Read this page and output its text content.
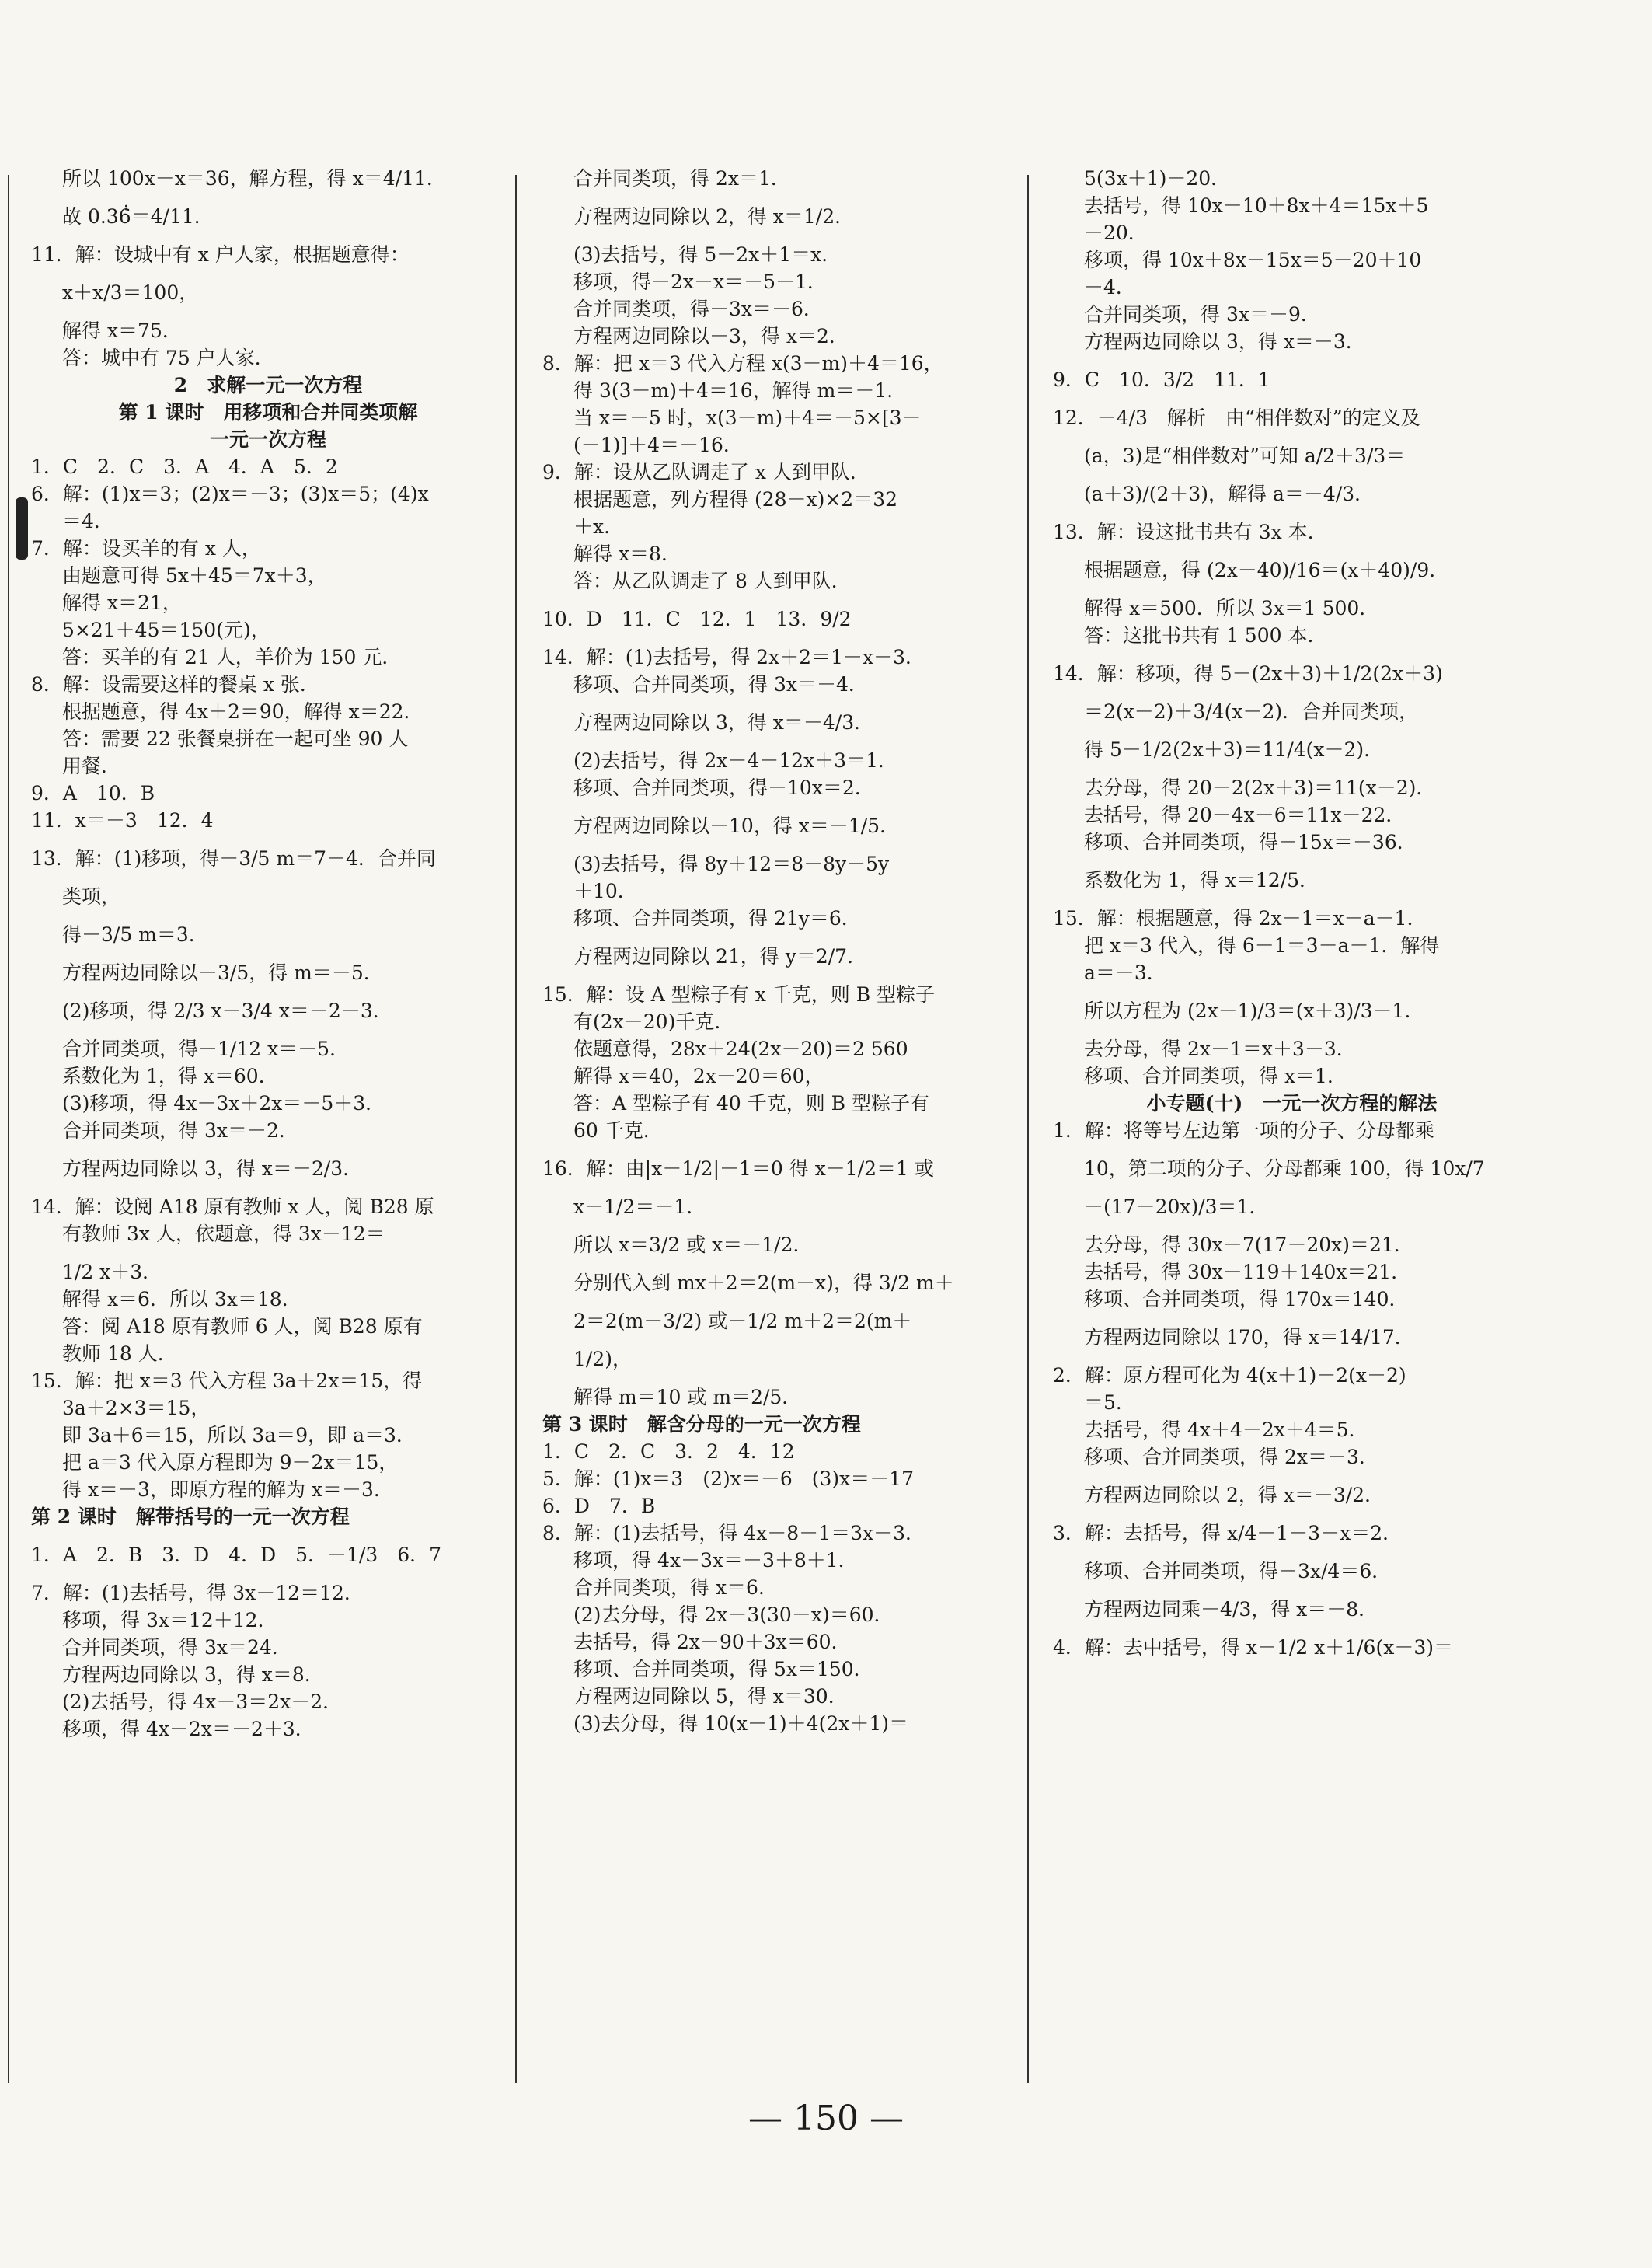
所以 100x－x＝36，解方程，得 x＝4/11．
故 0.36̇̇＝4/11．
11．解：设城中有 x 户人家，根据题意得：
x＋x/3＝100，
解得 x＝75．
答：城中有 75 户人家．
2　求解一元一次方程
第 1 课时　用移项和合并同类项解
一元一次方程
1．C　2．C　3．A　4．A　5．2
6．解：(1)x＝3；(2)x＝－3；(3)x＝5；(4)x
＝4．
7．解：设买羊的有 x 人，
由题意可得 5x＋45＝7x＋3，
解得 x＝21，
5×21＋45＝150(元)，
答：买羊的有 21 人，羊价为 150 元．
8．解：设需要这样的餐桌 x 张．
根据题意，得 4x＋2＝90，解得 x＝22．
答：需要 22 张餐桌拼在一起可坐 90 人
用餐．
9．A　10．B
11．x＝－3　12．4
13．解：(1)移项，得－3/5 m＝7－4．合并同
类项，
得－3/5 m＝3．
方程两边同除以－3/5，得 m＝－5．
(2)移项，得 2/3 x－3/4 x＝－2－3．
合并同类项，得－1/12 x＝－5．
系数化为 1，得 x＝60．
(3)移项，得 4x－3x＋2x＝－5＋3．
合并同类项，得 3x＝－2．
方程两边同除以 3，得 x＝－2/3．
14．解：设阅 A18 原有教师 x 人，阅 B28 原
有教师 3x 人，依题意，得 3x－12＝
1/2 x＋3．
解得 x＝6．所以 3x＝18．
答：阅 A18 原有教师 6 人，阅 B28 原有
教师 18 人．
15．解：把 x＝3 代入方程 3a＋2x＝15，得
3a＋2×3＝15，
即 3a＋6＝15，所以 3a＝9，即 a＝3．
把 a＝3 代入原方程即为 9－2x＝15，
得 x＝－3，即原方程的解为 x＝－3．
第 2 课时　解带括号的一元一次方程
1．A　2．B　3．D　4．D　5．－1/3　6．7
7．解：(1)去括号，得 3x－12＝12．
移项，得 3x＝12＋12．
合并同类项，得 3x＝24．
方程两边同除以 3，得 x＝8．
(2)去括号，得 4x－3＝2x－2．
移项，得 4x－2x＝－2＋3．
合并同类项，得 2x＝1．
方程两边同除以 2，得 x＝1/2．
(3)去括号，得 5－2x＋1＝x．
移项，得－2x－x＝－5－1．
合并同类项，得－3x＝－6．
方程两边同除以－3，得 x＝2．
8．解：把 x＝3 代入方程 x(3－m)＋4＝16，
得 3(3－m)＋4＝16，解得 m＝－1．
当 x＝－5 时，x(3－m)＋4＝－5×[3－
(－1)]＋4＝－16．
9．解：设从乙队调走了 x 人到甲队．
根据题意，列方程得 (28－x)×2＝32
＋x．
解得 x＝8．
答：从乙队调走了 8 人到甲队．
10．D　11．C　12．1　13．9/2
14．解：(1)去括号，得 2x＋2＝1－x－3．
移项、合并同类项，得 3x＝－4．
方程两边同除以 3，得 x＝－4/3．
(2)去括号，得 2x－4－12x＋3＝1．
移项、合并同类项，得－10x＝2．
方程两边同除以－10，得 x＝－1/5．
(3)去括号，得 8y＋12＝8－8y－5y
＋10．
移项、合并同类项，得 21y＝6．
方程两边同除以 21，得 y＝2/7．
15．解：设 A 型粽子有 x 千克，则 B 型粽子
有(2x－20)千克．
依题意得，28x＋24(2x－20)＝2 560
解得 x＝40，2x－20＝60，
答：A 型粽子有 40 千克，则 B 型粽子有
60 千克．
16．解：由|x－1/2|－1＝0 得 x－1/2＝1 或
x－1/2＝－1．
所以 x＝3/2 或 x＝－1/2．
分别代入到 mx＋2＝2(m－x)，得 3/2 m＋
2＝2(m－3/2) 或－1/2 m＋2＝2(m＋
1/2)，
解得 m＝10 或 m＝2/5．
第 3 课时　解含分母的一元一次方程
1．C　2．C　3．2　4．12
5．解：(1)x＝3　(2)x＝－6　(3)x＝－17
6．D　7．B
8．解：(1)去括号，得 4x－8－1＝3x－3．
移项，得 4x－3x＝－3＋8＋1．
合并同类项，得 x＝6．
(2)去分母，得 2x－3(30－x)＝60．
去括号，得 2x－90＋3x＝60．
移项、合并同类项，得 5x＝150．
方程两边同除以 5，得 x＝30．
(3)去分母，得 10(x－1)＋4(2x＋1)＝
5(3x＋1)－20．
去括号，得 10x－10＋8x＋4＝15x＋5
－20．
移项，得 10x＋8x－15x＝5－20＋10
－4．
合并同类项，得 3x＝－9．
方程两边同除以 3，得 x＝－3．
9．C　10．3/2　11．1
12．－4/3　解析　由“相伴数对”的定义及
(a，3)是“相伴数对”可知 a/2＋3/3＝
(a＋3)/(2＋3)，解得 a＝－4/3．
13．解：设这批书共有 3x 本．
根据题意，得 (2x－40)/16＝(x＋40)/9．
解得 x＝500．所以 3x＝1 500．
答：这批书共有 1 500 本．
14．解：移项，得 5－(2x＋3)＋1/2(2x＋3)
＝2(x－2)＋3/4(x－2)．合并同类项，
得 5－1/2(2x＋3)＝11/4(x－2)．
去分母，得 20－2(2x＋3)＝11(x－2)．
去括号，得 20－4x－6＝11x－22．
移项、合并同类项，得－15x＝－36．
系数化为 1，得 x＝12/5．
15．解：根据题意，得 2x－1＝x－a－1．
把 x＝3 代入，得 6－1＝3－a－1．解得
a＝－3．
所以方程为 (2x－1)/3＝(x＋3)/3－1．
去分母，得 2x－1＝x＋3－3．
移项、合并同类项，得 x＝1．
小专题(十)　一元一次方程的解法
1．解：将等号左边第一项的分子、分母都乘
10，第二项的分子、分母都乘 100，得 10x/7
－(17－20x)/3＝1．
去分母，得 30x－7(17－20x)＝21．
去括号，得 30x－119＋140x＝21．
移项、合并同类项，得 170x＝140．
方程两边同除以 170，得 x＝14/17．
2．解：原方程可化为 4(x＋1)－2(x－2)
＝5．
去括号，得 4x＋4－2x＋4＝5．
移项、合并同类项，得 2x＝－3．
方程两边同除以 2，得 x＝－3/2．
3．解：去括号，得 x/4－1－3－x＝2．
移项、合并同类项，得－3x/4＝6．
方程两边同乘－4/3，得 x＝－8．
4．解：去中括号，得 x－1/2 x＋1/6(x－3)＝
— 150 —
